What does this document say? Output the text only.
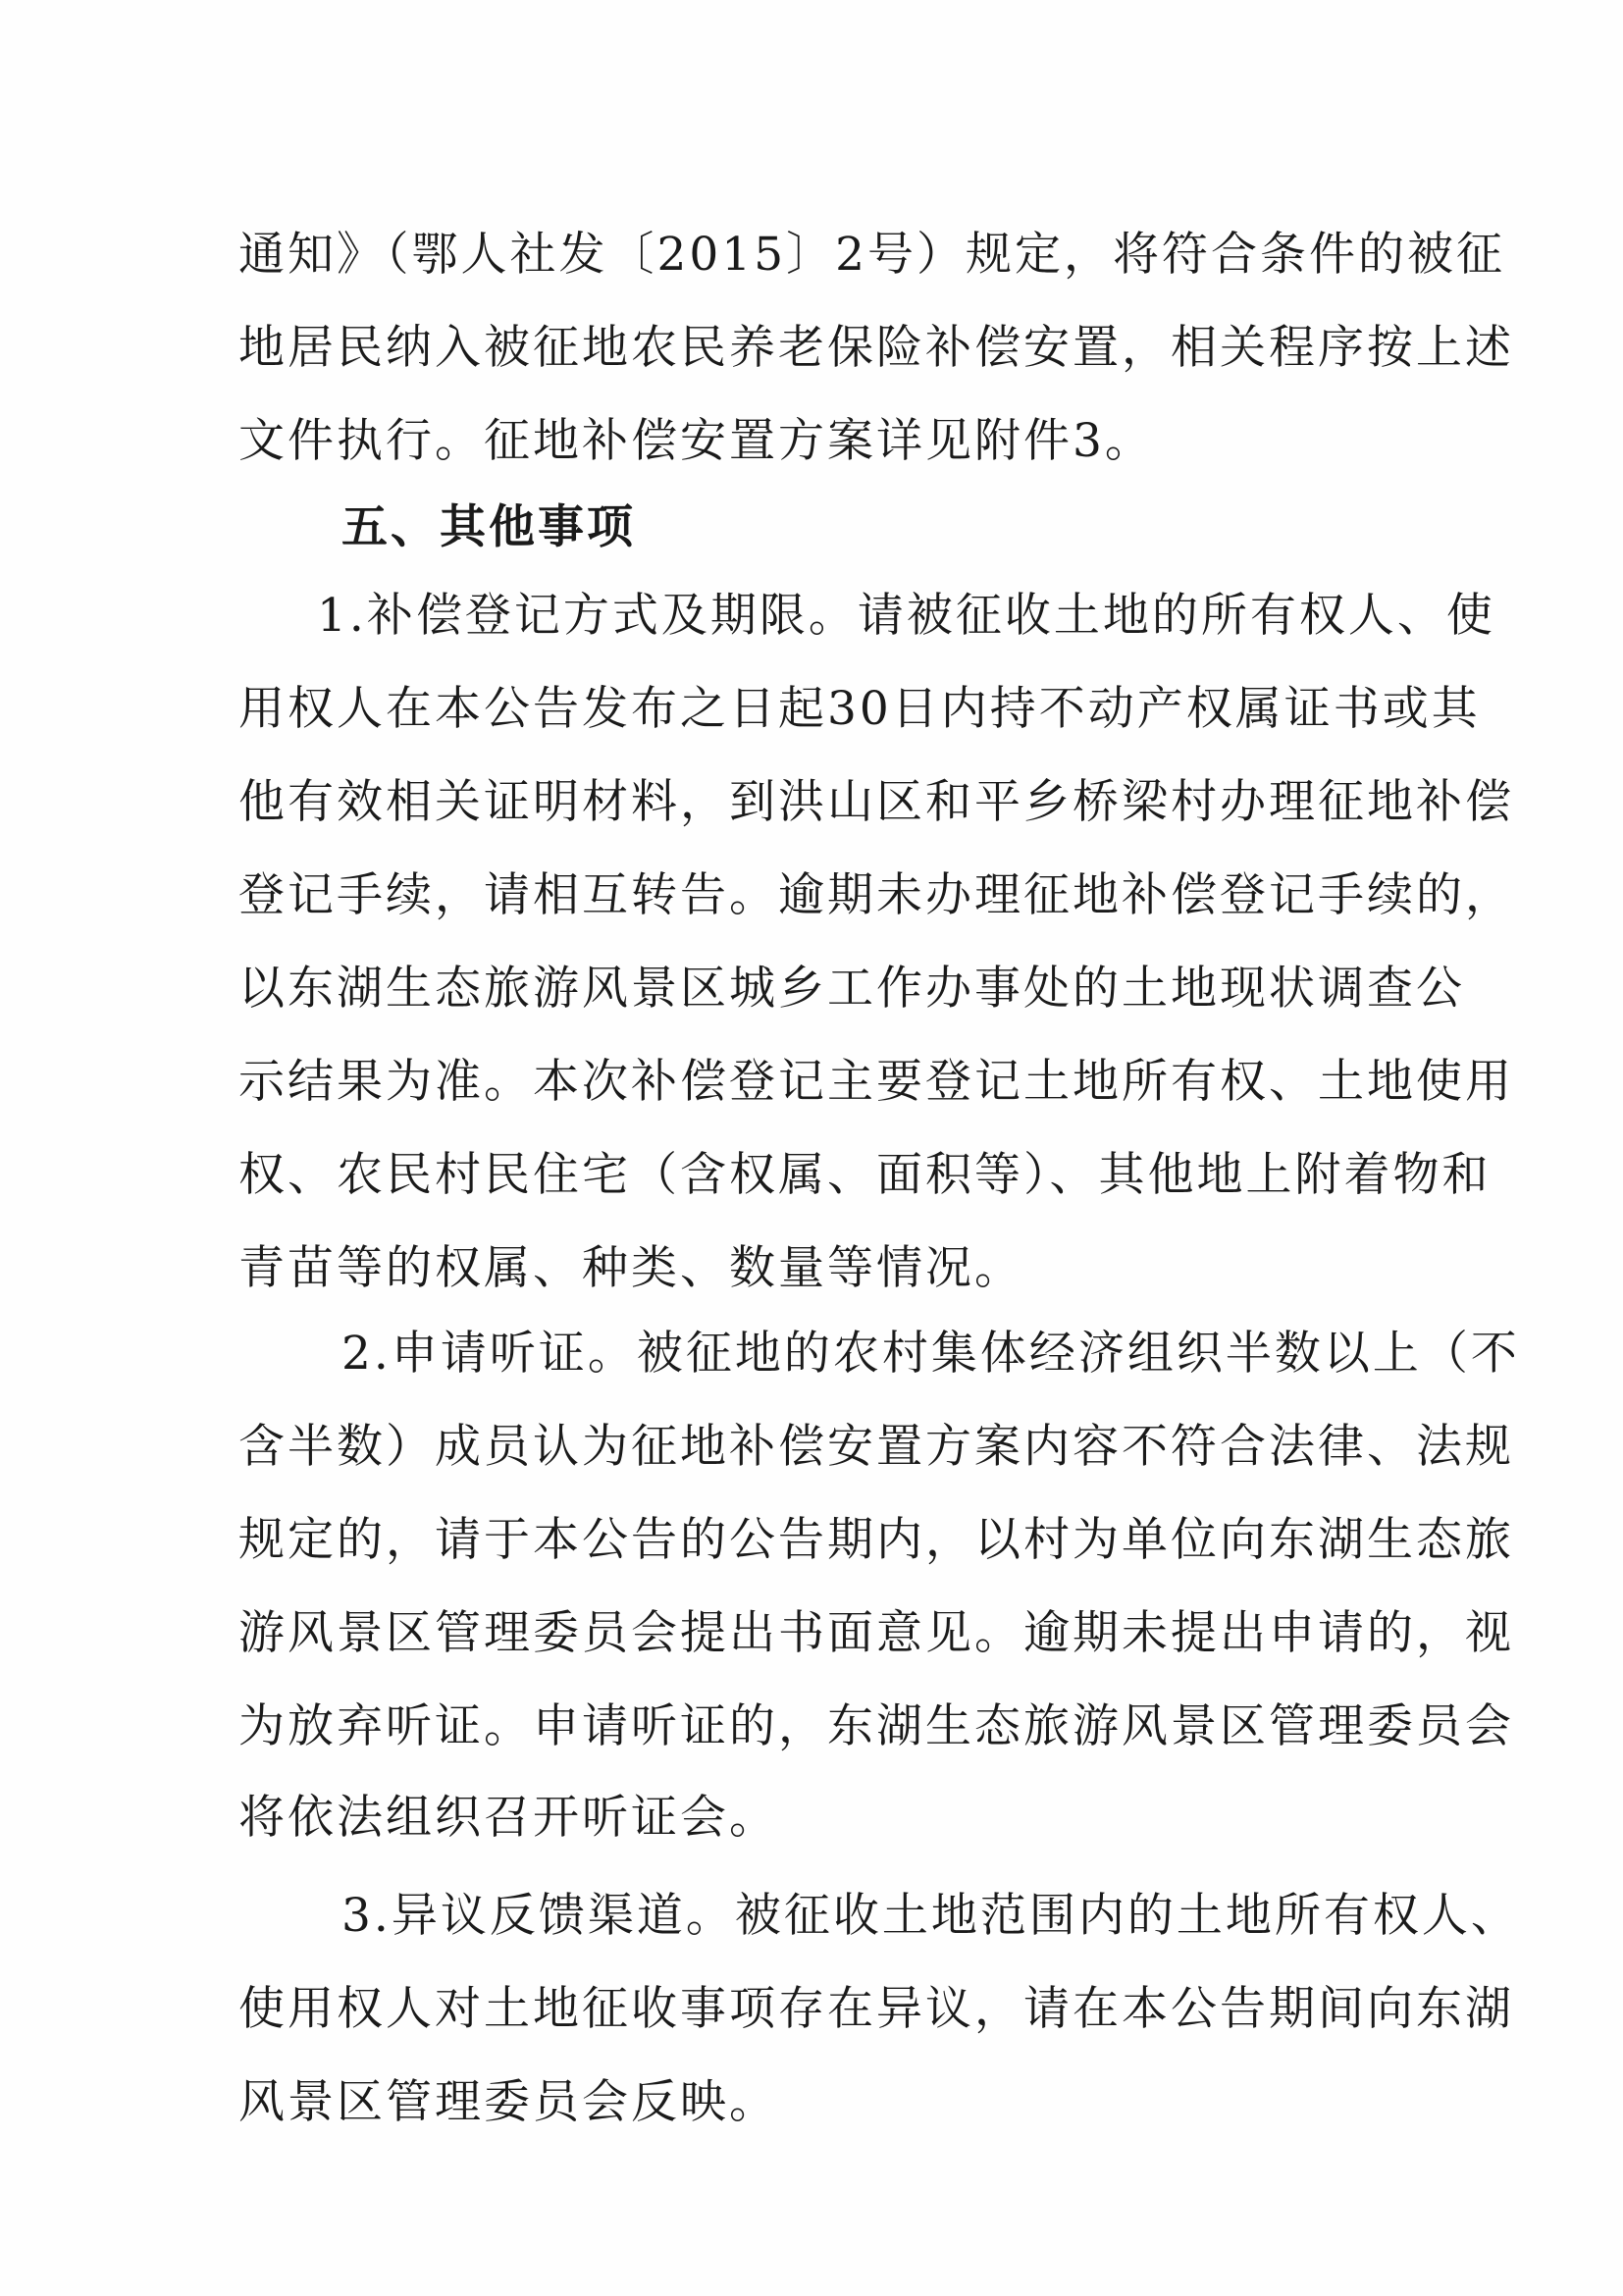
通知》（鄂人社发〔2015〕2号）规定，将符合条件的被征
地居民纳入被征地农民养老保险补偿安置，相关程序按上述
文件执行。征地补偿安置方案详见附件3。
五、其他事项
1.补偿登记方式及期限。请被征收土地的所有权人、使
用权人在本公告发布之日起30日内持不动产权属证书或其
他有效相关证明材料，到洪山区和平乡桥梁村办理征地补偿
登记手续，请相互转告。逾期未办理征地补偿登记手续的，
以东湖生态旅游风景区城乡工作办事处的土地现状调查公
示结果为准。本次补偿登记主要登记土地所有权、土地使用
权、农民村民住宅（含权属、面积等）、其他地上附着物和
青苗等的权属、种类、数量等情况。
2.申请听证。被征地的农村集体经济组织半数以上（不
含半数）成员认为征地补偿安置方案内容不符合法律、法规
规定的，请于本公告的公告期内，以村为单位向东湖生态旅
游风景区管理委员会提出书面意见。逾期未提出申请的，视
为放弃听证。申请听证的，东湖生态旅游风景区管理委员会
将依法组织召开听证会。
3.异议反馈渠道。被征收土地范围内的土地所有权人、
使用权人对土地征收事项存在异议，请在本公告期间向东湖
风景区管理委员会反映。
